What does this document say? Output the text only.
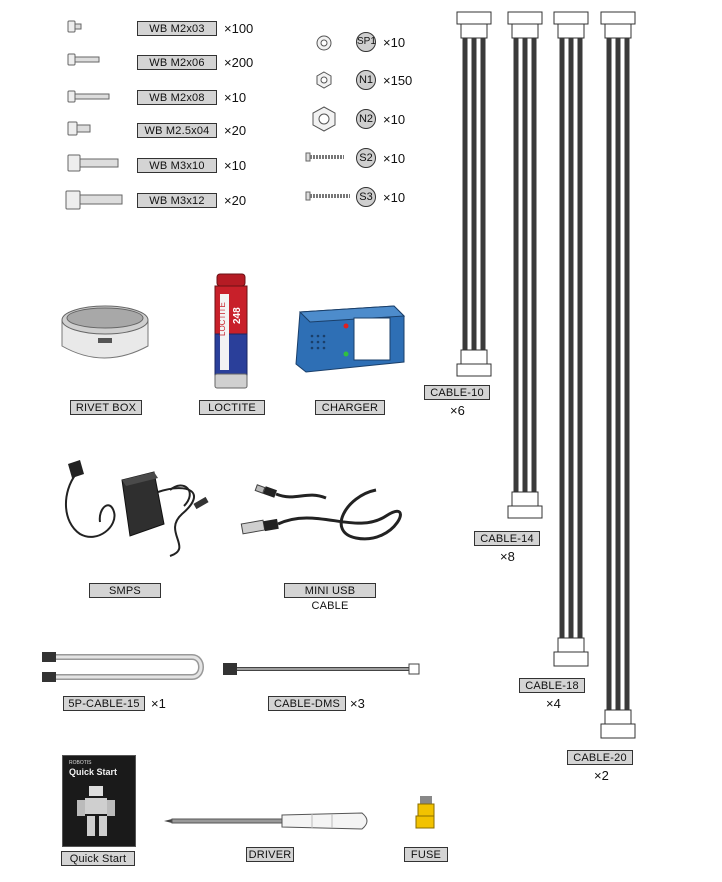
WB M2x03	×100
WB M2x06	×200
WB M2x08	×10
WB M2.5x04	×20
WB M3x10	×10
WB M3x12	×20
SP1 ×10
N1 ×150
N2 ×10
S2 ×10
S3 ×10
RIVET BOX
LOCTITE 248
LOCTITE	CHARGER
SMPS	MINI USB CABLE
5P-CABLE-15 ×1	CABLE-DMS ×3
ROBOTIS
Quick Start
Quick Start	DRIVER	FUSE
CABLE-10
×6
CABLE-14
×8
CABLE-18
×4
CABLE-20
×2
